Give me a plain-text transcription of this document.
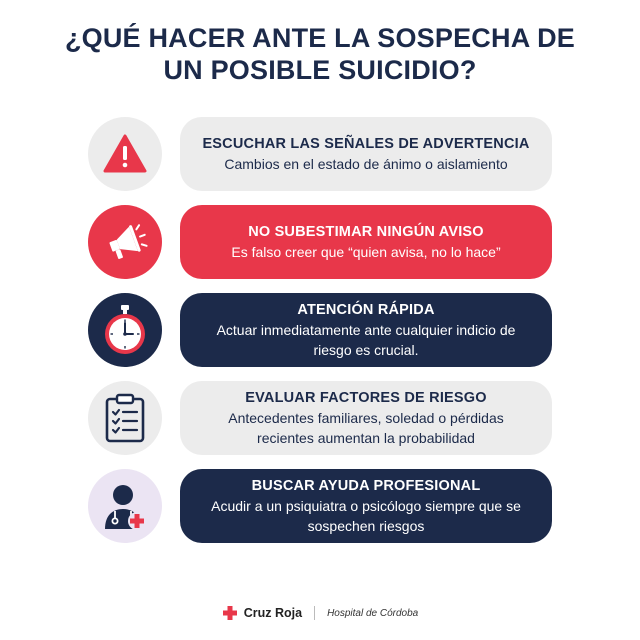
¿QUÉ HACER ANTE LA SOSPECHA DE
UN POSIBLE SUICIDIO?
ESCUCHAR LAS SEÑALES DE ADVERTENCIA
Cambios en el estado de ánimo o aislamiento
NO SUBESTIMAR NINGÚN AVISO
Es falso creer que “quien avisa, no lo hace”
ATENCIÓN RÁPIDA
Actuar inmediatamente ante cualquier indicio de
riesgo es crucial.
EVALUAR FACTORES DE RIESGO
Antecedentes familiares, soledad o pérdidas
recientes aumentan la probabilidad
BUSCAR AYUDA PROFESIONAL
Acudir a un psiquiatra o psicólogo siempre que se
sospechen riesgos
Cruz Roja	Hospital de Córdoba
